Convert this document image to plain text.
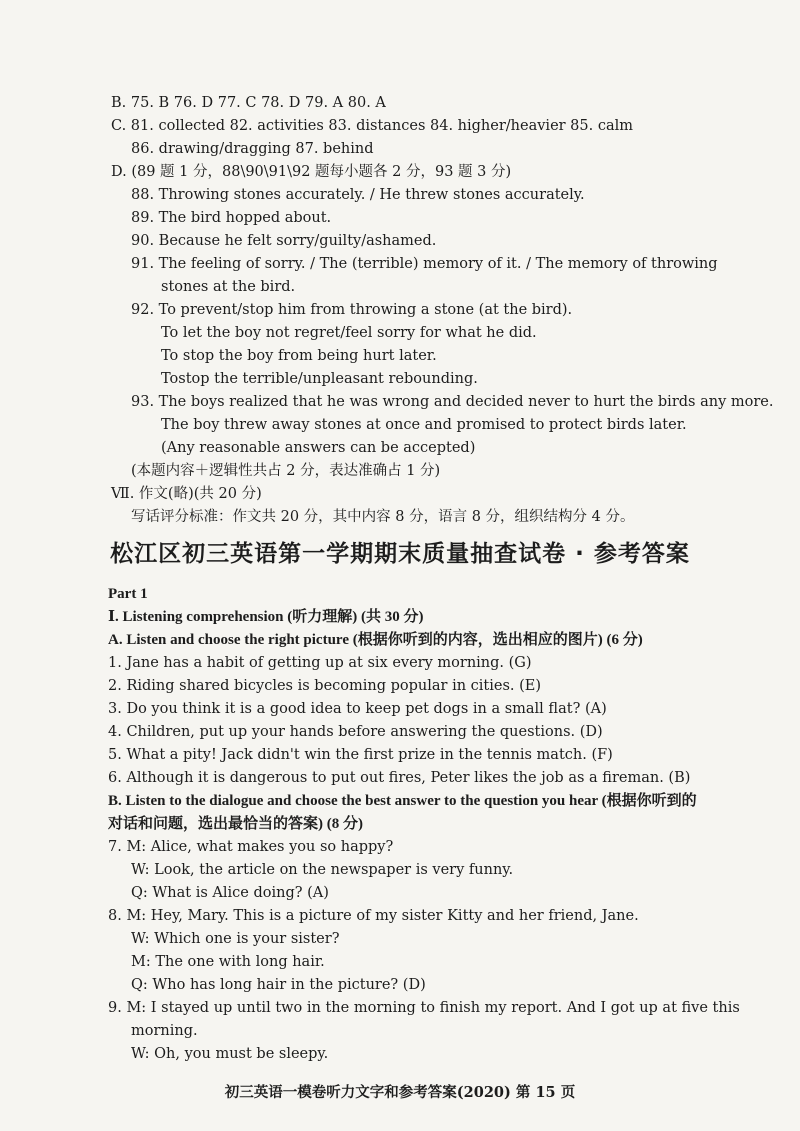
B. 75. B 76. D 77. C 78. D 79. A 80. A
C. 81. collected 82. activities 83. distances 84. higher/heavier 85. calm
86. drawing/dragging 87. behind
D. (89 题 1 分，88\90\91\92 题每小题各 2 分，93 题 3 分)
88. Throwing stones accurately. / He threw stones accurately.
89. The bird hopped about.
90. Because he felt sorry/guilty/ashamed.
91. The feeling of sorry. / The (terrible) memory of it. / The memory of throwing
stones at the bird.
92. To prevent/stop him from throwing a stone (at the bird).
To let the boy not regret/feel sorry for what he did.
To stop the boy from being hurt later.
Tostop the terrible/unpleasant rebounding.
93. The boys realized that he was wrong and decided never to hurt the birds any more.
The boy threw away stones at once and promised to protect birds later.
(Any reasonable answers can be accepted)
(本题内容＋逻辑性共占 2 分，表达准确占 1 分)
Ⅶ. 作文(略)(共 20 分)
写话评分标准：作文共 20 分，其中内容 8 分，语言 8 分，组织结构分 4 分。
松江区初三英语第一学期期末质量抽查试卷 · 参考答案
Part 1
Ⅰ. Listening comprehension (听力理解) (共 30 分)
A. Listen and choose the right picture (根据你听到的内容，选出相应的图片) (6 分)
1. Jane has a habit of getting up at six every morning. (G)
2. Riding shared bicycles is becoming popular in cities. (E)
3. Do you think it is a good idea to keep pet dogs in a small flat? (A)
4. Children, put up your hands before answering the questions. (D)
5. What a pity! Jack didn't win the first prize in the tennis match. (F)
6. Although it is dangerous to put out fires, Peter likes the job as a fireman. (B)
B. Listen to the dialogue and choose the best answer to the question you hear (根据你听到的
对话和问题，选出最恰当的答案) (8 分)
7. M: Alice, what makes you so happy?
W: Look, the article on the newspaper is very funny.
Q: What is Alice doing? (A)
8. M: Hey, Mary. This is a picture of my sister Kitty and her friend, Jane.
W: Which one is your sister?
M: The one with long hair.
Q: Who has long hair in the picture? (D)
9. M: I stayed up until two in the morning to finish my report. And I got up at five this
morning.
W: Oh, you must be sleepy.
初三英语一模卷听力文字和参考答案(2020) 第 15 页
